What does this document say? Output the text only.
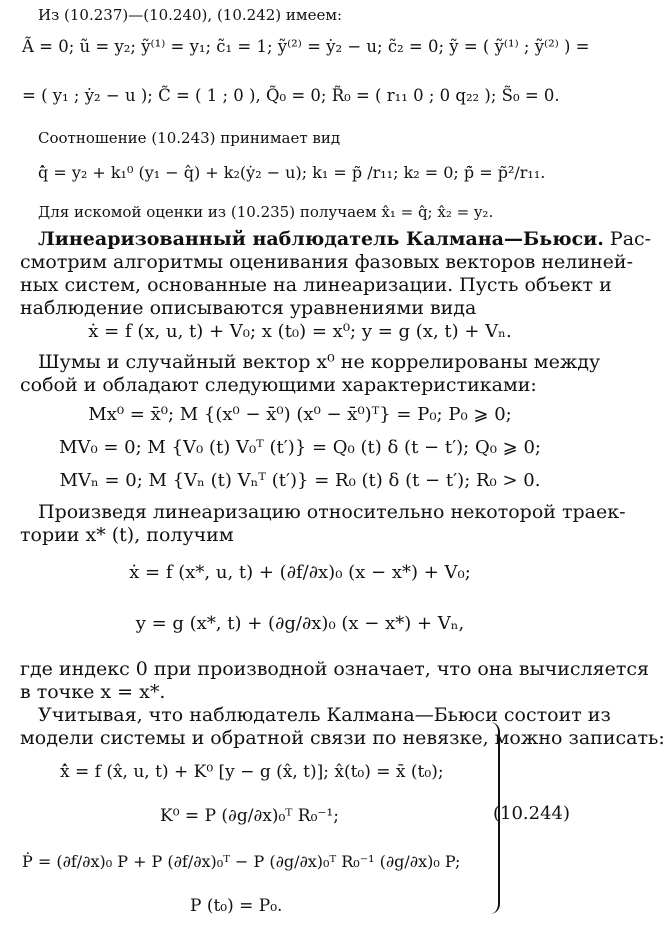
Из (10.237)—(10.240), (10.242) имеем:
Ã = 0; ũ = y₂; ỹ⁽¹⁾ = y₁; c̃₁ = 1; ỹ⁽²⁾ = ẏ₂ − u; c̃₂ = 0; ỹ = ( ỹ⁽¹⁾ ; ỹ⁽²⁾ ) =
= ( y₁ ; ẏ₂ − u ); C̃ = ( 1 ; 0 ), Q̃₀ = 0; R̃₀ = ( r₁₁ 0 ; 0 q₂₂ ); S̃₀ = 0.
Соотношение (10.243) принимает вид
q̂̇ = y₂ + k₁⁰ (y₁ − q̂) + k₂(ẏ₂ − u); k₁ = p̃ /r₁₁; k₂ = 0; p̃̇ = p̃²/r₁₁.
Для искомой оценки из (10.235) получаем x̂₁ = q̂; x̂₂ = y₂.
Линеаризованный наблюдатель Калмана—Бьюси. Рас-
смотрим алгоритмы оценивания фазовых векторов нелиней-
ных систем, основанные на линеаризации. Пусть объект и
наблюдение описываются уравнениями вида
ẋ = f (x, u, t) + V₀; x (t₀) = x⁰; y = g (x, t) + Vₙ.
Шумы и случайный вектор x⁰ не коррелированы между
собой и обладают следующими характеристиками:
Mx⁰ = x̄⁰; M {(x⁰ − x̄⁰) (x⁰ − x̄⁰)ᵀ} = P₀; P₀ ⩾ 0;
MV₀ = 0; M {V₀ (t) V₀ᵀ (t′)} = Q₀ (t) δ (t − t′); Q₀ ⩾ 0;
MVₙ = 0; M {Vₙ (t) Vₙᵀ (t′)} = R₀ (t) δ (t − t′); R₀ > 0.
Произведя линеаризацию относительно некоторой траек-
тории x* (t), получим
ẋ = f (x*, u, t) + (∂f/∂x)₀ (x − x*) + V₀;
y = g (x*, t) + (∂g/∂x)₀ (x − x*) + Vₙ,
где индекс 0 при производной означает, что она вычисляется
в точке x = x*.
Учитывая, что наблюдатель Калмана—Бьюси состоит из
модели системы и обратной связи по невязке, можно записать:
x̂̇ = f (x̂, u, t) + K⁰ [y − g (x̂, t)]; x̂(t₀) = x̄ (t₀);
K⁰ = P (∂g/∂x)₀ᵀ R₀⁻¹;
Ṗ = (∂f/∂x)₀ P + P (∂f/∂x)₀ᵀ − P (∂g/∂x)₀ᵀ R₀⁻¹ (∂g/∂x)₀ P;
P (t₀) = P₀.
(10.244)
